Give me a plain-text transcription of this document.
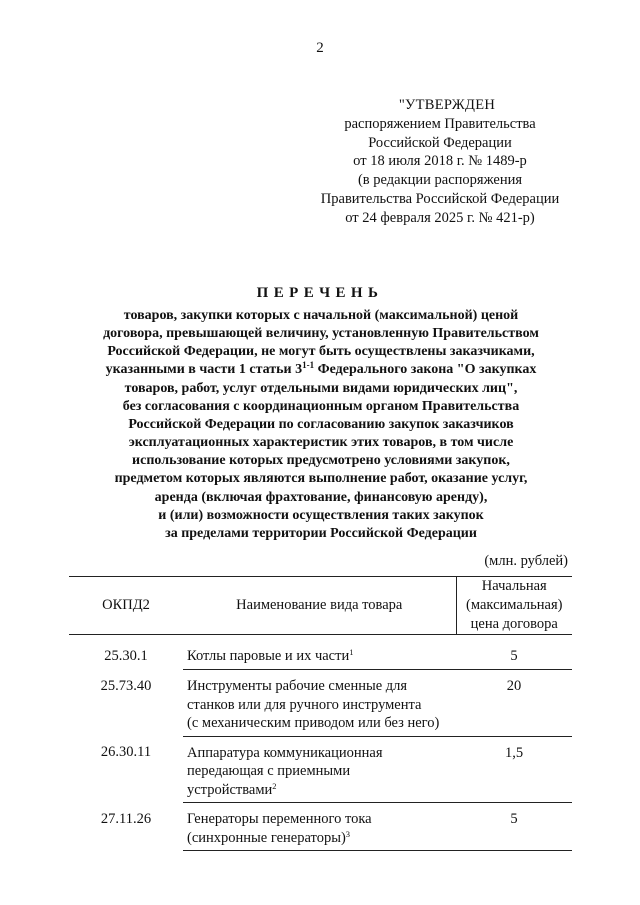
2
"УТВЕРЖДЕН
распоряжением Правительства
Российской Федерации
от 18 июля 2018 г. № 1489-р
(в редакции распоряжения
Правительства Российской Федерации
от 24 февраля 2025 г. № 421-р)
ПЕРЕЧЕНЬ
товаров, закупки которых с начальной (максимальной) ценой
договора, превышающей величину, установленную Правительством
Российской Федерации, не могут быть осуществлены заказчиками,
указанными в части 1 статьи 3$^{1-1}$ Федерального закона "О закупках
товаров, работ, услуг отдельными видами юридических лиц",
без согласования с координационным органом Правительства
Российской Федерации по согласованию закупок заказчиков
эксплуатационных характеристик этих товаров, в том числе
использование которых предусмотрено условиями закупок,
предметом которых являются выполнение работ, оказание услуг,
аренда (включая фрахтование, финансовую аренду),
и (или) возможности осуществления таких закупок
за пределами территории Российской Федерации
(млн. рублей)
ОКПД2	Наименование вида товара	Начальная
(максимальная)
цена договора

25.30.1	Котлы паровые и их части$^1$	5
25.73.40	Инструменты рабочие сменные для
станков или для ручного инструмента
(с механическим приводом или без него)	20
26.30.11	Аппаратура коммуникационная
передающая с приемными
устройствами$^2$	1,5
27.11.26	Генераторы переменного тока
(синхронные генераторы)$^3$	5
